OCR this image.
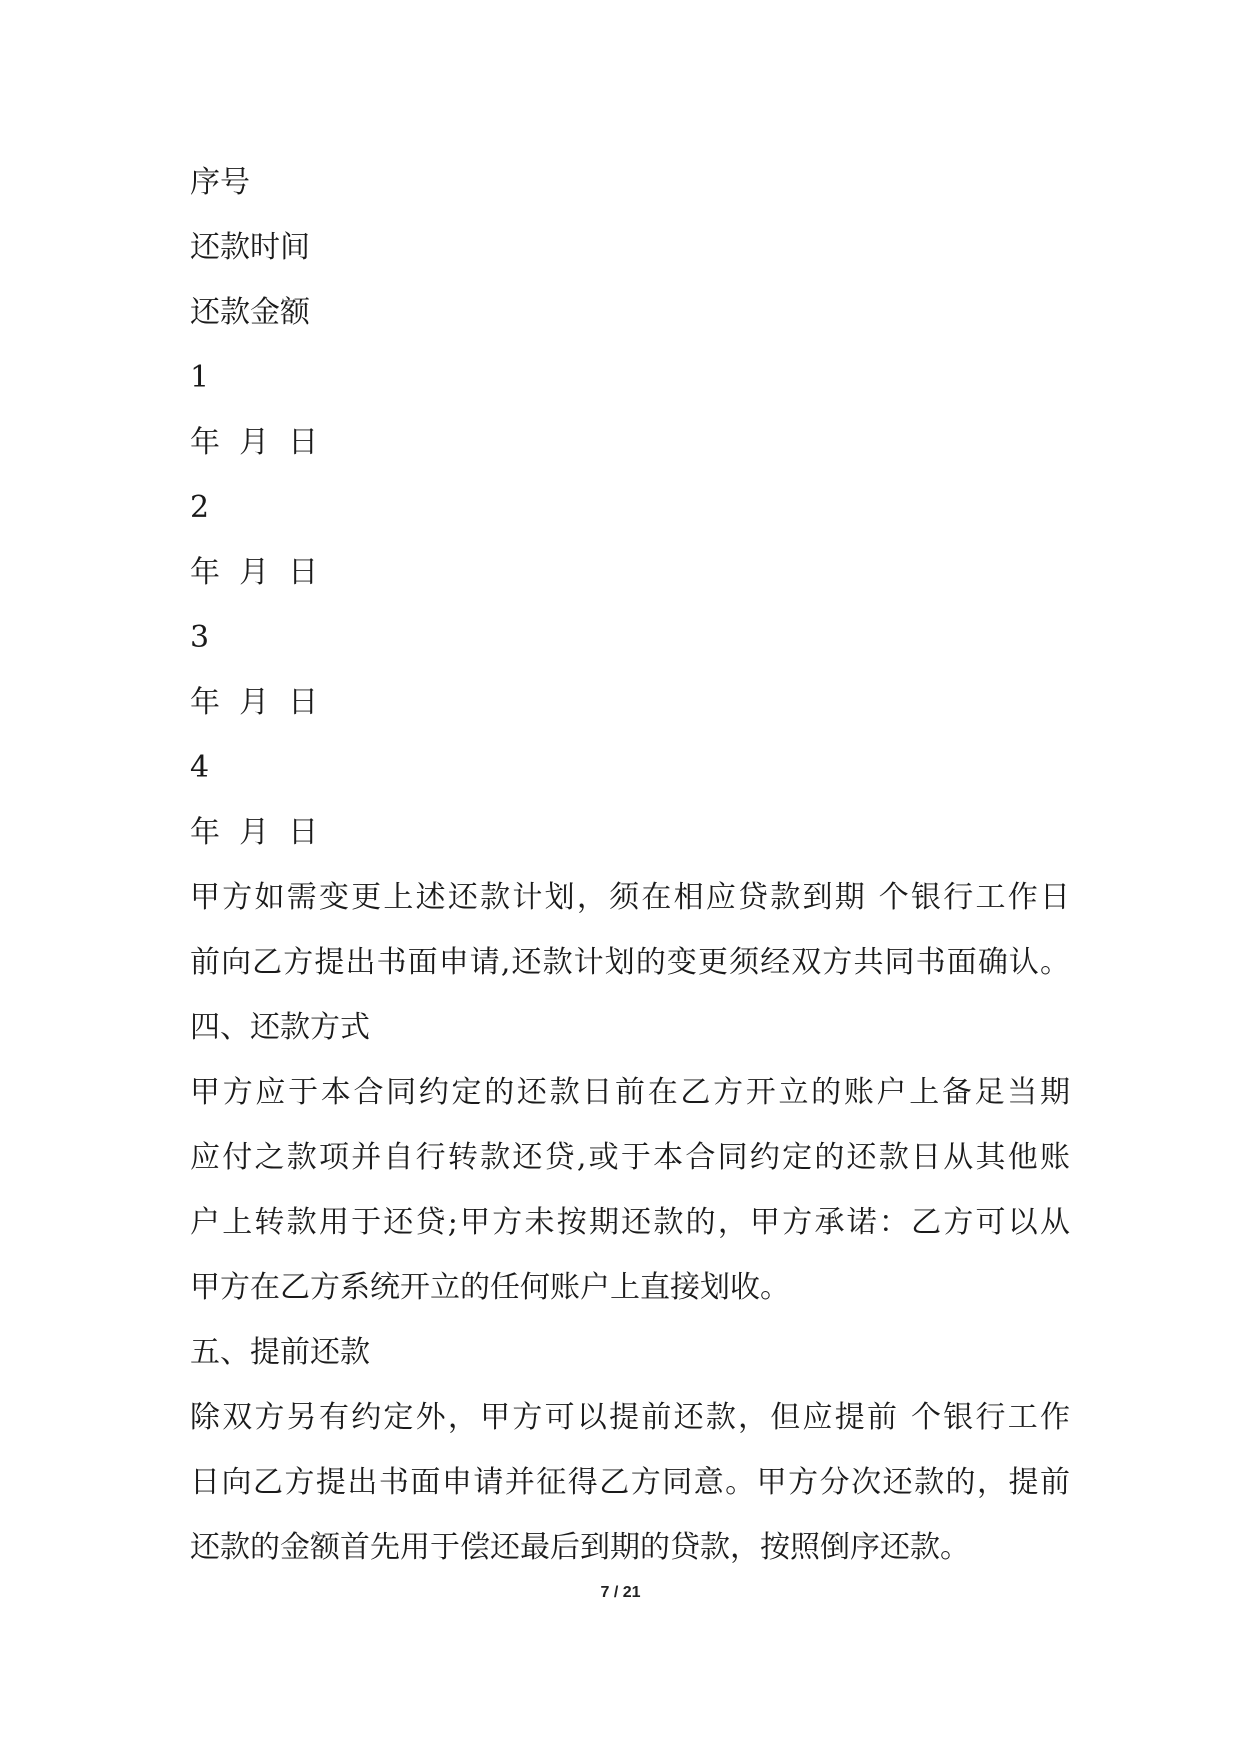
序号
还款时间
还款金额
1
年  月  日
2
年  月  日
3
年  月  日
4
年  月  日
甲方如需变更上述还款计划，须在相应贷款到期 个银行工作日
前向乙方提出书面申请,还款计划的变更须经双方共同书面确认。
四、还款方式
甲方应于本合同约定的还款日前在乙方开立的账户上备足当期
应付之款项并自行转款还贷,或于本合同约定的还款日从其他账
户上转款用于还贷;甲方未按期还款的，甲方承诺：乙方可以从
甲方在乙方系统开立的任何账户上直接划收。
五、提前还款
除双方另有约定外，甲方可以提前还款，但应提前 个银行工作
日向乙方提出书面申请并征得乙方同意。甲方分次还款的，提前
还款的金额首先用于偿还最后到期的贷款，按照倒序还款。
7 / 21
